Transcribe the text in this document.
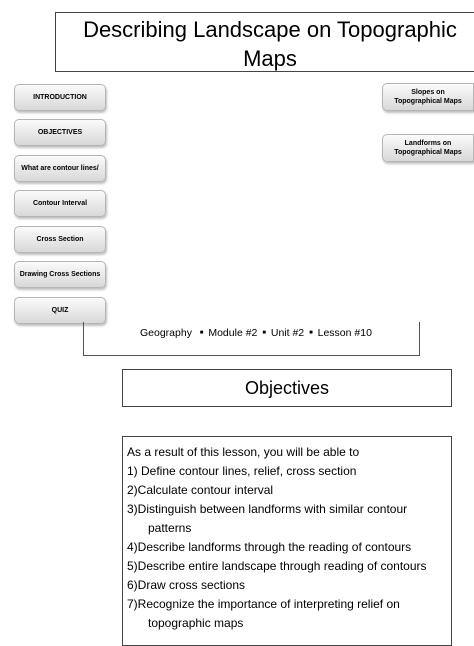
Describing Landscape on Topographic
Maps
INTRODUCTION
OBJECTIVES
What are contour lines/
Contour Interval
Cross Section
Drawing Cross Sections
QUIZ
Slopes on
Topographical Maps
Landforms on
Topographical Maps
Geography ■ Module #2 ■ Unit #2 ■ Lesson #10
Objectives
As a result of this lesson, you will be able to
1) Define contour lines, relief, cross section
2)Calculate contour interval
3)Distinguish between landforms with similar contour
patterns
4)Describe landforms through the reading of contours
5)Describe entire landscape through reading of contours
6)Draw cross sections
7)Recognize the importance of interpreting relief on
topographic maps
